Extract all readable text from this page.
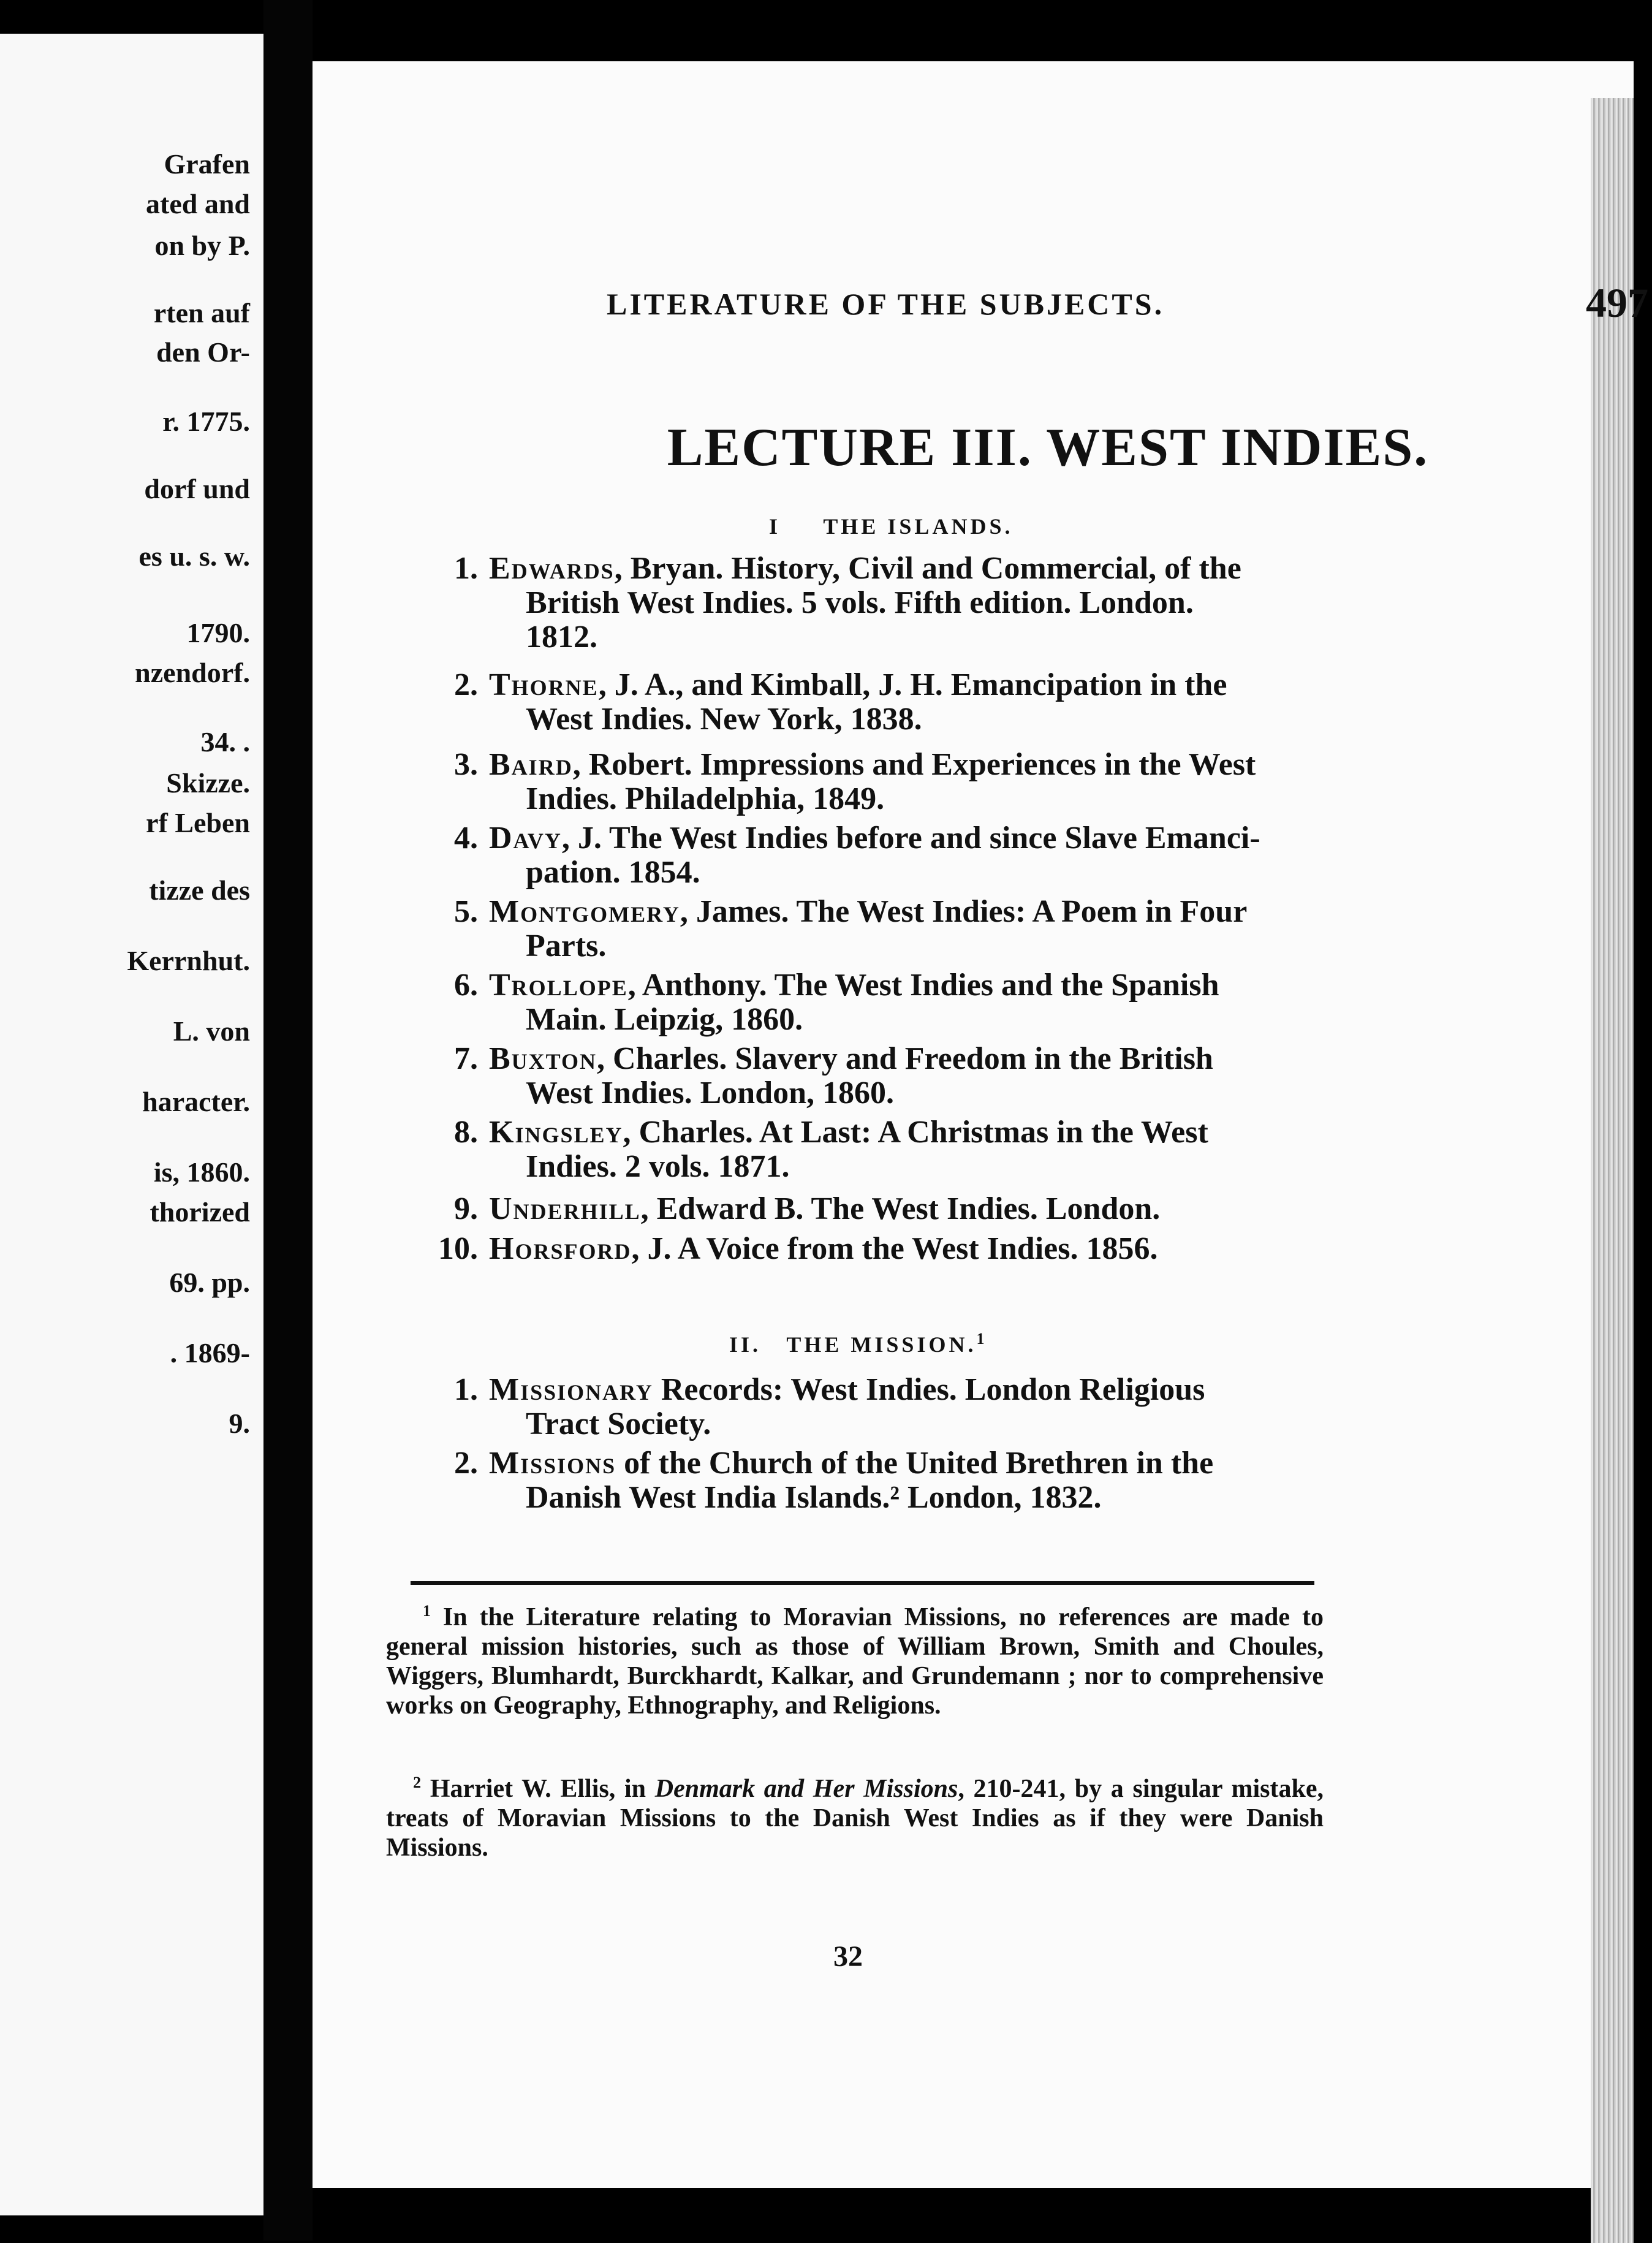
Grafen
ated and
on by P.
rten auf
den Or-
r. 1775.
dorf und
es u. s. w.
1790.
nzendorf.
34. .
Skizze.
rf Leben
tizze des
Kerrnhut.
L. von
haracter.
is, 1860.
thorized
69. pp.
. 1869-
9.
LITERATURE OF THE SUBJECTS.	497
LECTURE III. WEST INDIES.
I THE ISLANDS.
1. Edwards, Bryan. History, Civil and Commercial, of the
British West Indies. 5 vols. Fifth edition. London.
1812.
2. Thorne, J. A., and Kimball, J. H. Emancipation in the
West Indies. New York, 1838.
3. Baird, Robert. Impressions and Experiences in the West
Indies. Philadelphia, 1849.
4. Davy, J. The West Indies before and since Slave Emanci-
pation. 1854.
5. Montgomery, James. The West Indies: A Poem in Four
Parts.
6. Trollope, Anthony. The West Indies and the Spanish
Main. Leipzig, 1860.
7. Buxton, Charles. Slavery and Freedom in the British
West Indies. London, 1860.
8. Kingsley, Charles. At Last: A Christmas in the West
Indies. 2 vols. 1871.
9. Underhill, Edward B. The West Indies. London.
10. Horsford, J. A Voice from the West Indies. 1856.
II. THE MISSION.$^1$
1. Missionary Records: West Indies. London Religious
Tract Society.
2. Missions of the Church of the United Brethren in the
Danish West India Islands.² London, 1832.
$^1$ In the Literature relating to Moravian Missions, no references are made to general mission histories, such as those of William Brown, Smith and Choules, Wiggers, Blumhardt, Burckhardt, Kalkar, and Grundemann ; nor to comprehensive works on Geography, Ethnography, and Religions.
$^2$ Harriet W. Ellis, in Denmark and Her Missions, 210-241, by a singular mistake, treats of Moravian Missions to the Danish West Indies as if they were Danish Missions.
32
